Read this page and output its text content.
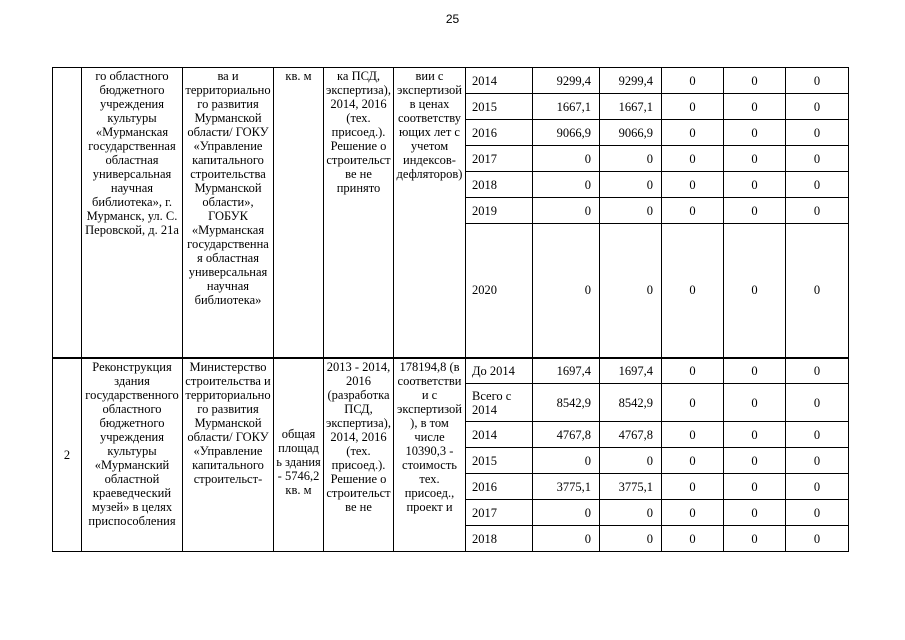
25
	го областного бюджетного учреждения культуры «Мурманская государственная областная универсальная научная библиотека», г. Мурманск, ул. С. Перовской, д. 21а	ва и территориального развития Мурманской области/ ГОКУ «Управление капитального строительства Мурманской области», ГОБУК «Мурманская государственная областная универсальная научная библиотека»	кв. м	ка ПСД, экспертиза), 2014, 2016 (тех. присоед.). Решение о строительстве не принято	вии с экспертизой в ценах соответствующих лет с учетом индексов-дефляторов)	2014	9299,4	9299,4	0	0	0
						2015	1667,1	1667,1	0	0	0
						2016	9066,9	9066,9	0	0	0
						2017	0	0	0	0	0
						2018	0	0	0	0	0
						2019	0	0	0	0	0
						2020	0	0	0	0	0
2	Реконструкция здания государственного областного бюджетного учреждения культуры «Мурманский областной краеведческий музей» в целях приспособления	Министерство строительства и территориального развития Мурманской области/ ГОКУ «Управление капитального строительст-	общая площадь здания - 5746,2 кв. м	2013 - 2014, 2016 (разработка ПСД, экспертиза), 2014, 2016 (тех. присоед.). Решение о строительстве не	178194,8 (в соответствии с экспертизой), в том числе 10390,3 - стоимость тех. присоед., проект и	До 2014	1697,4	1697,4	0	0	0
						Всего с 2014	8542,9	8542,9	0	0	0
						2014	4767,8	4767,8	0	0	0
						2015	0	0	0	0	0
						2016	3775,1	3775,1	0	0	0
						2017	0	0	0	0	0
						2018	0	0	0	0	0
